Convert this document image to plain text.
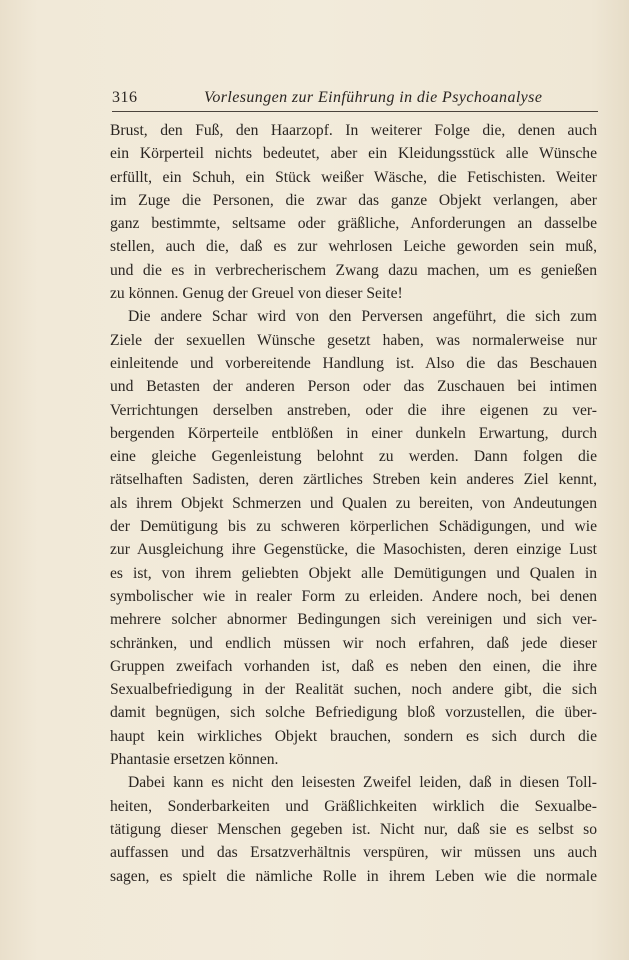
316	Vorlesungen zur Einführung in die Psychoanalyse
Brust, den Fuß, den Haarzopf. In weiterer Folge die, denen auch
ein Körperteil nichts bedeutet, aber ein Kleidungsstück alle Wünsche
erfüllt, ein Schuh, ein Stück weißer Wäsche, die Fetischisten. Weiter
im Zuge die Personen, die zwar das ganze Objekt verlangen, aber
ganz bestimmte, seltsame oder gräßliche, Anforderungen an dasselbe
stellen, auch die, daß es zur wehrlosen Leiche geworden sein muß,
und die es in verbrecherischem Zwang dazu machen, um es genießen
zu können. Genug der Greuel von dieser Seite!
Die andere Schar wird von den Perversen angeführt, die sich zum
Ziele der sexuellen Wünsche gesetzt haben, was normalerweise nur
einleitende und vorbereitende Handlung ist. Also die das Beschauen
und Betasten der anderen Person oder das Zuschauen bei intimen
Verrichtungen derselben anstreben, oder die ihre eigenen zu ver-
bergenden Körperteile entblößen in einer dunkeln Erwartung, durch
eine gleiche Gegenleistung belohnt zu werden. Dann folgen die
rätselhaften Sadisten, deren zärtliches Streben kein anderes Ziel kennt,
als ihrem Objekt Schmerzen und Qualen zu bereiten, von Andeutungen
der Demütigung bis zu schweren körperlichen Schädigungen, und wie
zur Ausgleichung ihre Gegenstücke, die Masochisten, deren einzige Lust
es ist, von ihrem geliebten Objekt alle Demütigungen und Qualen in
symbolischer wie in realer Form zu erleiden. Andere noch, bei denen
mehrere solcher abnormer Bedingungen sich vereinigen und sich ver-
schränken, und endlich müssen wir noch erfahren, daß jede dieser
Gruppen zweifach vorhanden ist, daß es neben den einen, die ihre
Sexualbefriedigung in der Realität suchen, noch andere gibt, die sich
damit begnügen, sich solche Befriedigung bloß vorzustellen, die über-
haupt kein wirkliches Objekt brauchen, sondern es sich durch die
Phantasie ersetzen können.
Dabei kann es nicht den leisesten Zweifel leiden, daß in diesen Toll-
heiten, Sonderbarkeiten und Gräßlichkeiten wirklich die Sexualbe-
tätigung dieser Menschen gegeben ist. Nicht nur, daß sie es selbst so
auffassen und das Ersatzverhältnis verspüren, wir müssen uns auch
sagen, es spielt die nämliche Rolle in ihrem Leben wie die normale
